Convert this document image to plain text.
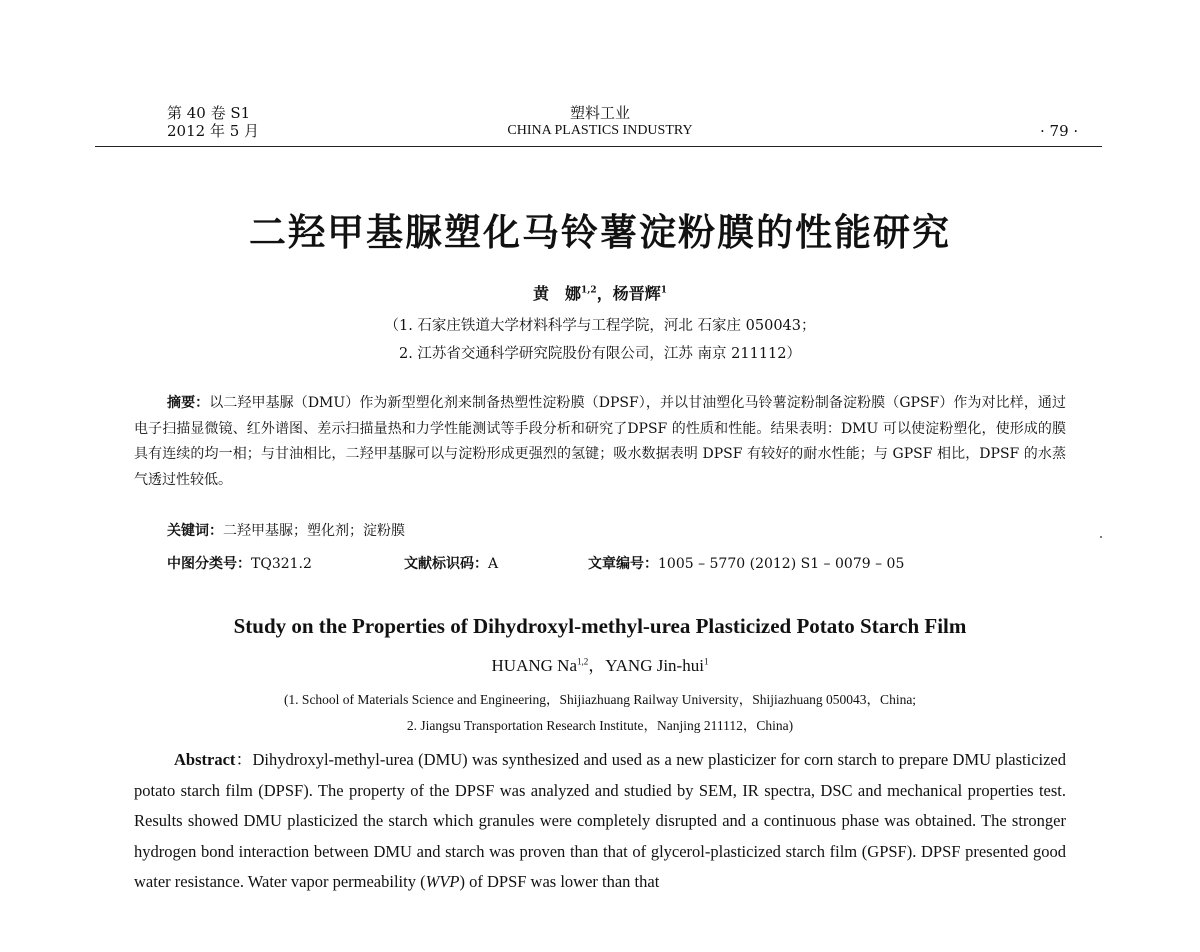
第 40 卷 S1
2012 年 5 月
塑料工业
CHINA PLASTICS INDUSTRY	· 79 ·
二羟甲基脲塑化马铃薯淀粉膜的性能研究
黄　娜$^{1,2}$，杨晋辉$^1$
（1. 石家庄铁道大学材料科学与工程学院，河北 石家庄 050043；
2. 江苏省交通科学研究院股份有限公司，江苏 南京 211112）
摘要：以二羟甲基脲（DMU）作为新型塑化剂来制备热塑性淀粉膜（DPSF），并以甘油塑化马铃薯淀粉制备淀粉膜（GPSF）作为对比样，通过电子扫描显微镜、红外谱图、差示扫描量热和力学性能测试等手段分析和研究了DPSF 的性质和性能。结果表明：DMU 可以使淀粉塑化，使形成的膜具有连续的均一相；与甘油相比，二羟甲基脲可以与淀粉形成更强烈的氢键；吸水数据表明 DPSF 有较好的耐水性能；与 GPSF 相比，DPSF 的水蒸气透过性较低。
关键词：二羟甲基脲；塑化剂；淀粉膜
中图分类号：TQ321.2	文献标识码：A	文章编号：1005 – 5770 (2012) S1 – 0079 – 05
Study on the Properties of Dihydroxyl-methyl-urea Plasticized Potato Starch Film
HUANG Na$^{1,2}$，YANG Jin-hui$^1$
(1. School of Materials Science and Engineering，Shijiazhuang Railway University，Shijiazhuang 050043，China;
2. Jiangsu Transportation Research Institute，Nanjing 211112，China)
Abstract：Dihydroxyl-methyl-urea (DMU) was synthesized and used as a new plasticizer for corn starch to prepare DMU plasticized potato starch film (DPSF). The property of the DPSF was analyzed and studied by SEM, IR spectra, DSC and mechanical properties test. Results showed DMU plasticized the starch which granules were completely disrupted and a continuous phase was obtained. The stronger hydrogen bond interaction between DMU and starch was proven than that of glycerol-plasticized starch film (GPSF). DPSF presented good water resistance. Water vapor permeability (WVP) of DPSF was lower than that
